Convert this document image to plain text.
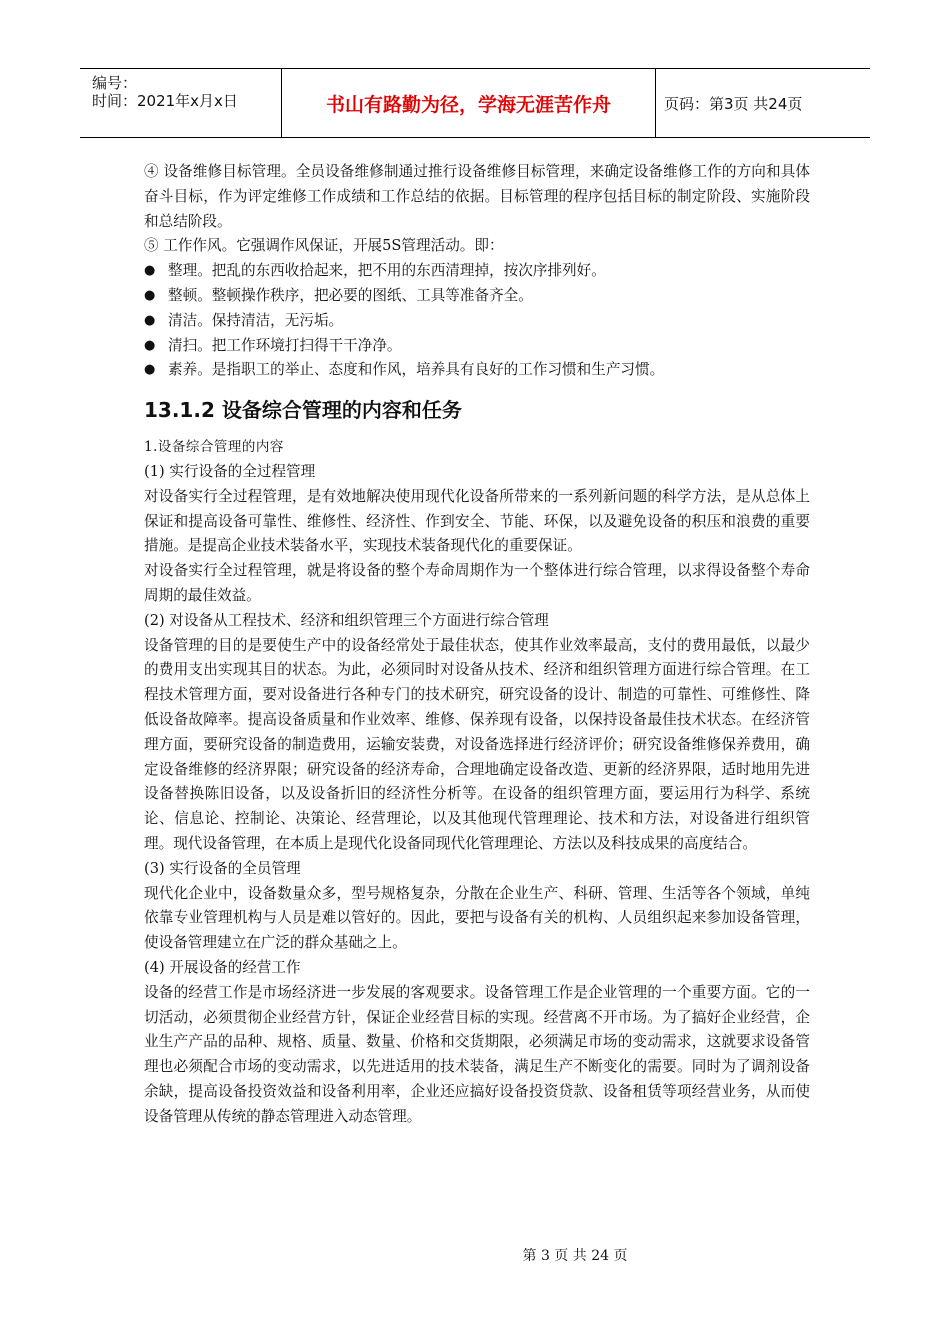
编号：
时间：2021年x月x日	书山有路勤为径，学海无涯苦作舟	页码：第3页 共24页

④ 设备维修目标管理。全员设备维修制通过推行设备维修目标管理，来确定设备维修工作的方向和具体奋斗目标，作为评定维修工作成绩和工作总结的依据。目标管理的程序包括目标的制定阶段、实施阶段和总结阶段。

⑤ 工作作风。它强调作风保证，开展5S管理活动。即：

● 整理。把乱的东西收拾起来，把不用的东西清理掉，按次序排列好。
● 整顿。整顿操作秩序，把必要的图纸、工具等准备齐全。
● 清洁。保持清洁，无污垢。
● 清扫。把工作环境打扫得干干净净。
● 素养。是指职工的举止、态度和作风，培养具有良好的工作习惯和生产习惯。
13.1.2 设备综合管理的内容和任务

1.设备综合管理的内容

(1) 实行设备的全过程管理

对设备实行全过程管理，是有效地解决使用现代化设备所带来的一系列新问题的科学方法，是从总体上保证和提高设备可靠性、维修性、经济性、作到安全、节能、环保，以及避免设备的积压和浪费的重要措施。是提高企业技术装备水平，实现技术装备现代化的重要保证。

对设备实行全过程管理，就是将设备的整个寿命周期作为一个整体进行综合管理，以求得设备整个寿命周期的最佳效益。

(2) 对设备从工程技术、经济和组织管理三个方面进行综合管理

设备管理的目的是要使生产中的设备经常处于最佳状态，使其作业效率最高，支付的费用最低，以最少的费用支出实现其目的状态。为此，必须同时对设备从技术、经济和组织管理方面进行综合管理。在工程技术管理方面，要对设备进行各种专门的技术研究，研究设备的设计、制造的可靠性、可维修性、降低设备故障率。提高设备质量和作业效率、维修、保养现有设备，以保持设备最佳技术状态。在经济管理方面，要研究设备的制造费用，运输安装费，对设备选择进行经济评价；研究设备维修保养费用，确定设备维修的经济界限；研究设备的经济寿命，合理地确定设备改造、更新的经济界限，适时地用先进设备替换陈旧设备，以及设备折旧的经济性分析等。在设备的组织管理方面，要运用行为科学、系统论、信息论、控制论、决策论、经营理论，以及其他现代管理理论、技术和方法，对设备进行组织管理。现代设备管理，在本质上是现代化设备同现代化管理理论、方法以及科技成果的高度结合。

(3) 实行设备的全员管理

现代化企业中，设备数量众多，型号规格复杂，分散在企业生产、科研、管理、生活等各个领域，单纯依靠专业管理机构与人员是难以管好的。因此，要把与设备有关的机构、人员组织起来参加设备管理，使设备管理建立在广泛的群众基础之上。

(4) 开展设备的经营工作

设备的经营工作是市场经济进一步发展的客观要求。设备管理工作是企业管理的一个重要方面。它的一切活动，必须贯彻企业经营方针，保证企业经营目标的实现。经营离不开市场。为了搞好企业经营，企业生产产品的品种、规格、质量、数量、价格和交货期限，必须满足市场的变动需求，这就要求设备管理也必须配合市场的变动需求，以先进适用的技术装备，满足生产不断变化的需要。同时为了调剂设备余缺，提高设备投资效益和设备利用率，企业还应搞好设备投资贷款、设备租赁等项经营业务，从而使设备管理从传统的静态管理进入动态管理。

第 3 页 共 24 页
